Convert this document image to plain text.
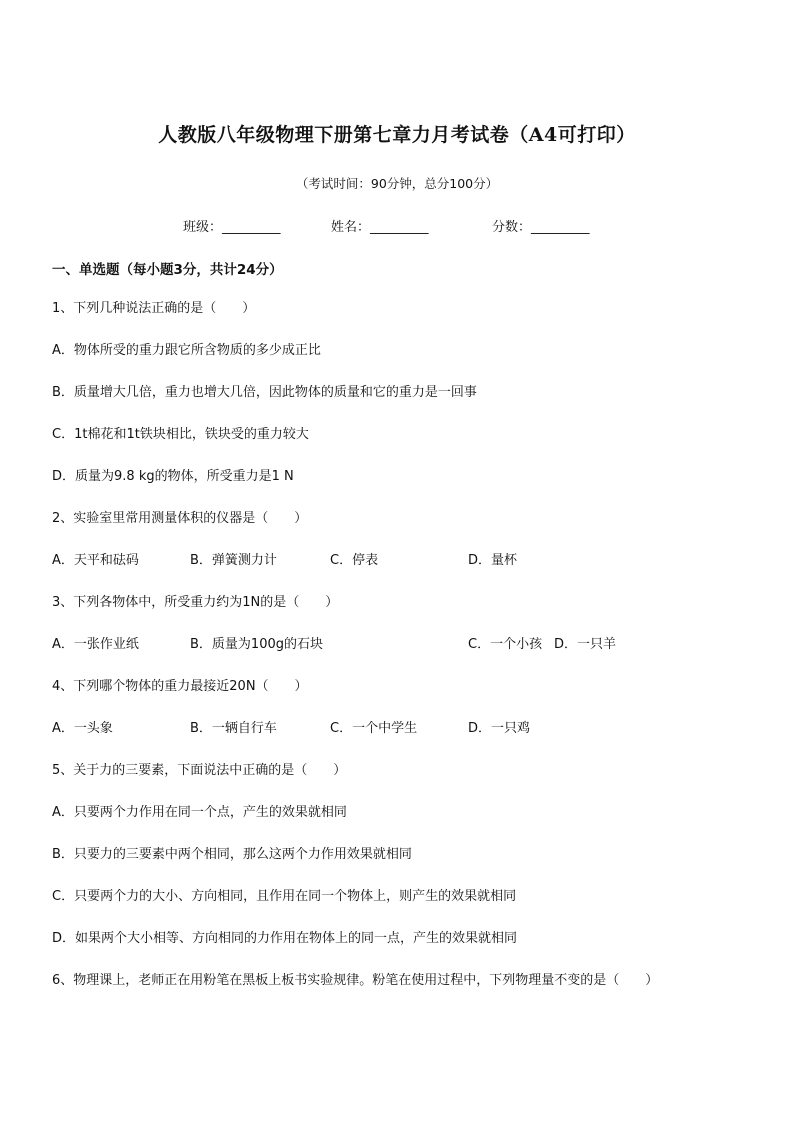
人教版八年级物理下册第七章力月考试卷（A4可打印）
（考试时间：90分钟，总分100分）
班级：_________	姓名：_________	分数：_________
一、单选题（每小题3分，共计24分）
1、下列几种说法正确的是（　　）
A．物体所受的重力跟它所含物质的多少成正比
B．质量增大几倍，重力也增大几倍，因此物体的质量和它的重力是一回事
C．1t棉花和1t铁块相比，铁块受的重力较大
D．质量为9.8 kg的物体，所受重力是1 N
2、实验室里常用测量体积的仪器是（　　）
A．天平和砝码	B．弹簧测力计	C．停表	D．量杯
3、下列各物体中，所受重力约为1N的是（　　）
A．一张作业纸	B．质量为100g的石块	C．一个小孩 D．一只羊
4、下列哪个物体的重力最接近20N（　　）
A．一头象	B．一辆自行车	C．一个中学生	D．一只鸡
5、关于力的三要素，下面说法中正确的是（　　）
A．只要两个力作用在同一个点，产生的效果就相同
B．只要力的三要素中两个相同，那么这两个力作用效果就相同
C．只要两个力的大小、方向相同，且作用在同一个物体上，则产生的效果就相同
D．如果两个大小相等、方向相同的力作用在物体上的同一点，产生的效果就相同
6、物理课上，老师正在用粉笔在黑板上板书实验规律。粉笔在使用过程中，下列物理量不变的是（　　）
